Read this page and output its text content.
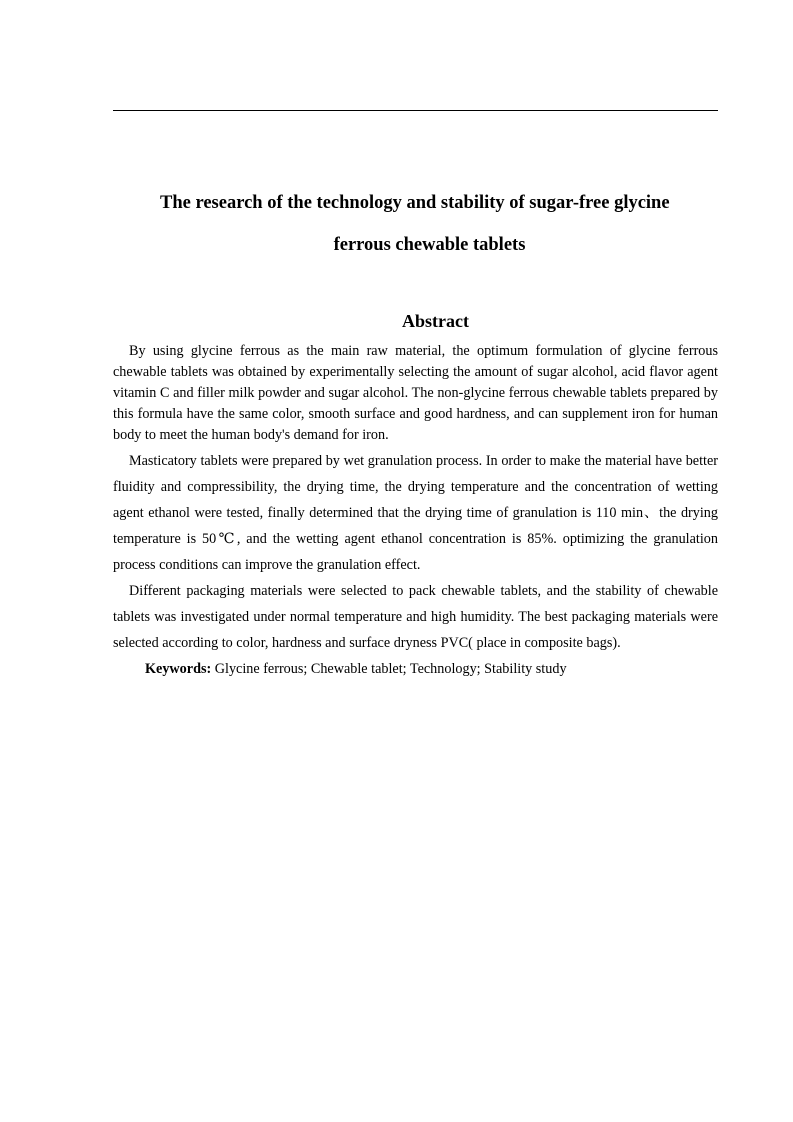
The research of the technology and stability of sugar-free glycine
ferrous chewable tablets
Abstract

By using glycine ferrous as the main raw material, the optimum formulation of glycine ferrous chewable tablets was obtained by experimentally selecting the amount of sugar alcohol, acid flavor agent vitamin C and filler milk powder and sugar alcohol. The non-glycine ferrous chewable tablets prepared by this formula have the same color, smooth surface and good hardness, and can supplement iron for human body to meet the human body's demand for iron.

Masticatory tablets were prepared by wet granulation process. In order to make the material have better fluidity and compressibility, the drying time, the drying temperature and the concentration of wetting agent ethanol were tested, finally determined that the drying time of granulation is 110 min、the drying temperature is 50℃, and the wetting agent ethanol concentration is 85%. optimizing the granulation process conditions can improve the granulation effect.

Different packaging materials were selected to pack chewable tablets, and the stability of chewable tablets was investigated under normal temperature and high humidity. The best packaging materials were selected according to color, hardness and surface dryness PVC( place in composite bags).

Keywords: Glycine ferrous; Chewable tablet; Technology; Stability study
